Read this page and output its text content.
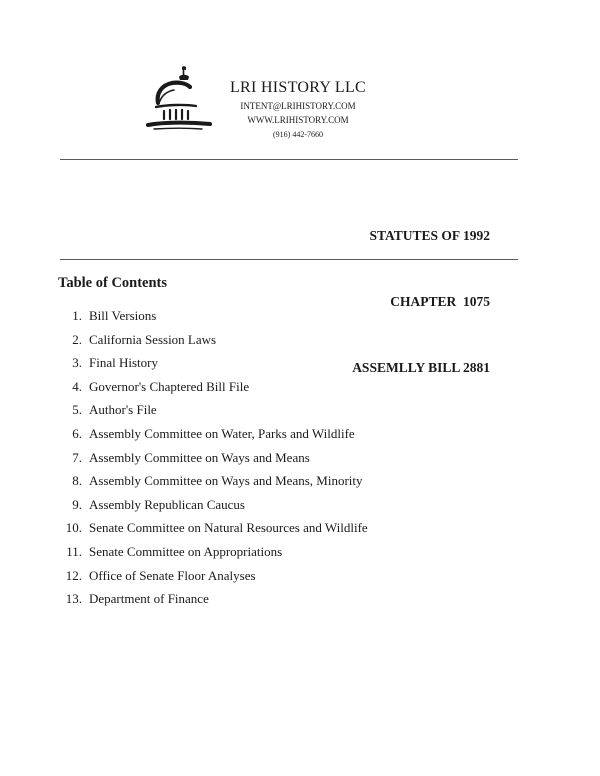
LRI HISTORY LLC
INTENT@LRIHISTORY.COM
WWW.LRIHISTORY.COM
(916) 442-7660

STATUTES OF 1992

CHAPTER  1075

ASSEMLLY BILL 2881

Table of Contents
1. Bill Versions
2. California Session Laws
3. Final History
4. Governor's Chaptered Bill File
5. Author's File
6. Assembly Committee on Water, Parks and Wildlife
7. Assembly Committee on Ways and Means
8. Assembly Committee on Ways and Means, Minority
9. Assembly Republican Caucus
10. Senate Committee on Natural Resources and Wildlife
11. Senate Committee on Appropriations
12. Office of Senate Floor Analyses
13. Department of Finance
